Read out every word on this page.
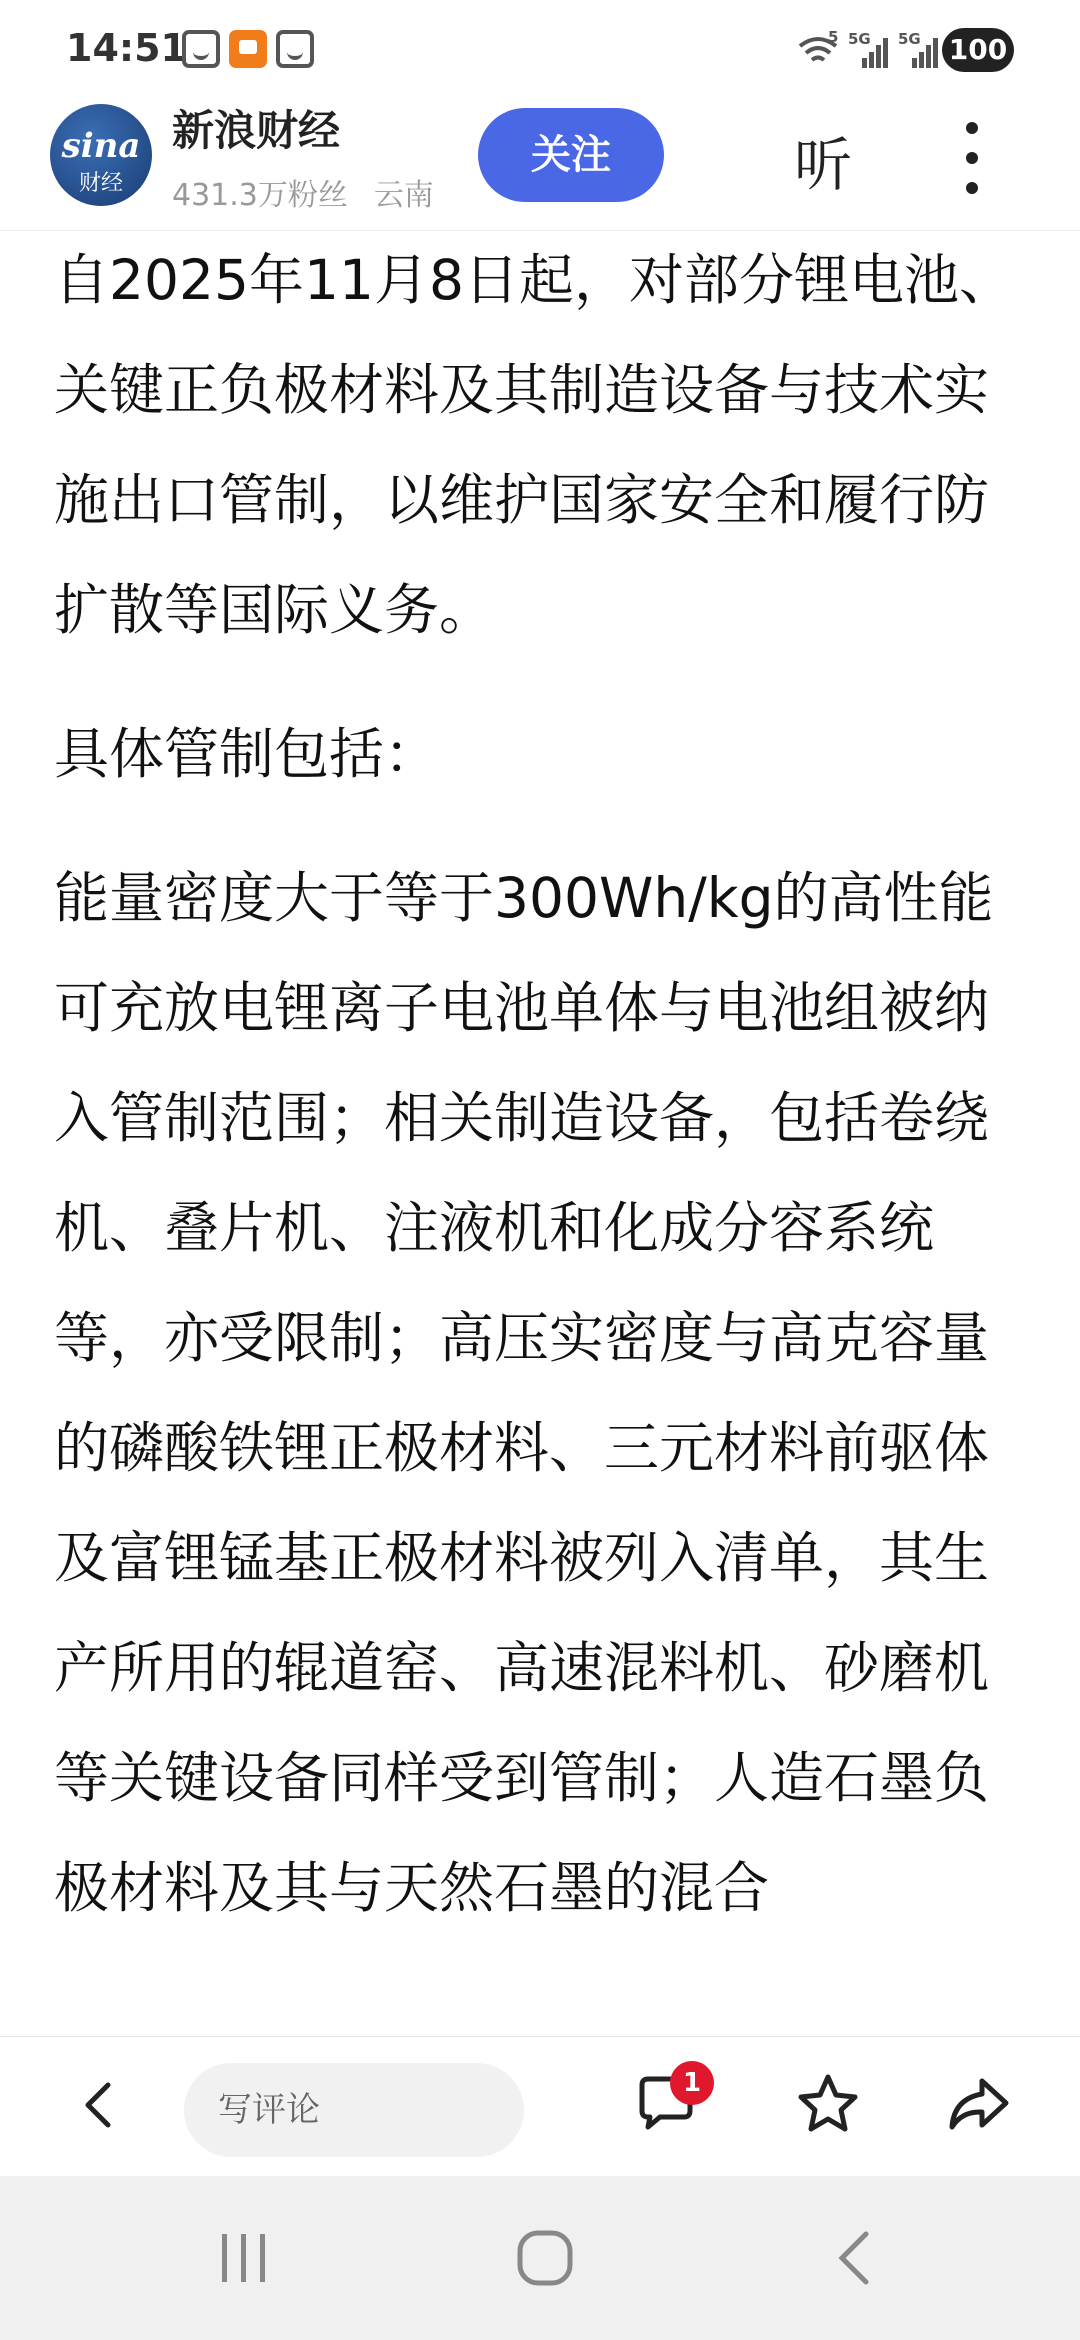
14:51	5 5G 5G 100
sina
财经
新浪财经
431.3万粉丝 云南
关注	听

自2025年11月8日起，对部分锂电池、关键正负极材料及其制造设备与技术实施出口管制，以维护国家安全和履行防扩散等国际义务。

具体管制包括：

能量密度大于等于300Wh/kg的高性能可充放电锂离子电池单体与电池组被纳入管制范围；相关制造设备，包括卷绕机、叠片机、注液机和化成分容系统等，亦受限制；高压实密度与高克容量的磷酸铁锂正极材料、三元材料前驱体及富锂锰基正极材料被列入清单，其生产所用的辊道窑、高速混料机、砂磨机等关键设备同样受到管制；人造石墨负极材料及其与天然石墨的混合

写评论
1
